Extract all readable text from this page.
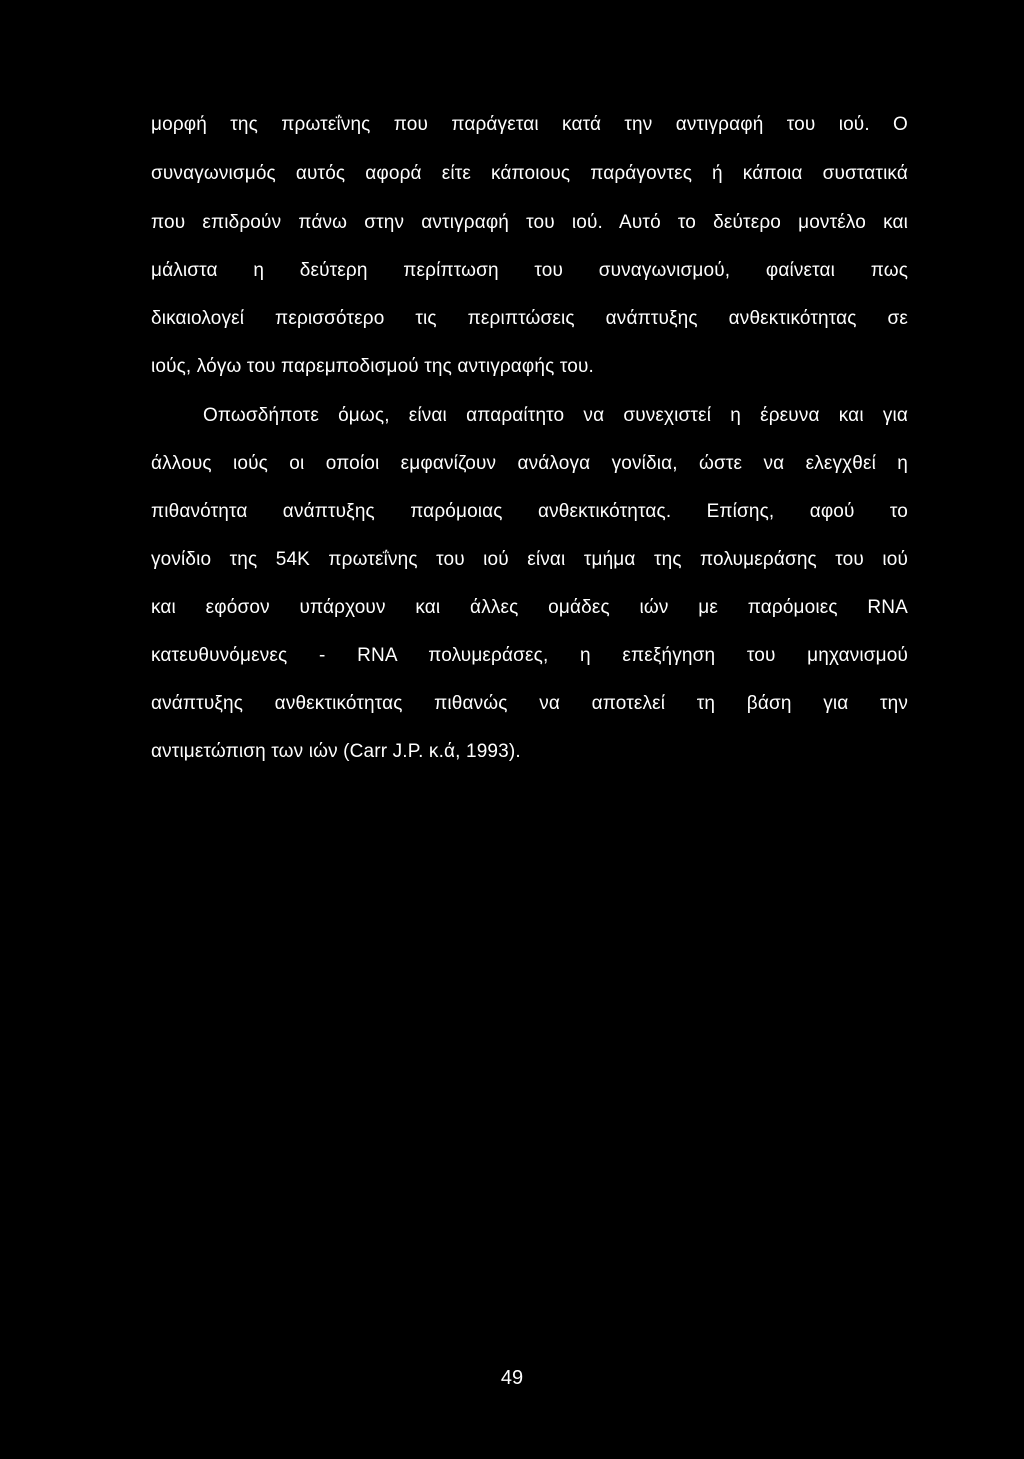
μορφή της πρωτεΐνης που παράγεται κατά την αντιγραφή του ιού. Ο
συναγωνισμός αυτός αφορά είτε κάποιους παράγοντες ή κάποια συστατικά
που επιδρούν πάνω στην αντιγραφή του ιού. Αυτό το δεύτερο μοντέλο και
μάλιστα η δεύτερη περίπτωση του συναγωνισμού, φαίνεται πως
δικαιολογεί περισσότερο τις περιπτώσεις ανάπτυξης ανθεκτικότητας σε
ιούς, λόγω του παρεμποδισμού της αντιγραφής του.
Οπωσδήποτε όμως, είναι απαραίτητο να συνεχιστεί η έρευνα και για
άλλους ιούς οι οποίοι εμφανίζουν ανάλογα γονίδια, ώστε να ελεγχθεί η
πιθανότητα ανάπτυξης παρόμοιας ανθεκτικότητας. Επίσης, αφού το
γονίδιο της 54K πρωτεΐνης του ιού είναι τμήμα της πολυμεράσης του ιού
και εφόσον υπάρχουν και άλλες ομάδες ιών με παρόμοιες RNA
κατευθυνόμενες - RNA πολυμεράσες, η επεξήγηση του μηχανισμού
ανάπτυξης ανθεκτικότητας πιθανώς να αποτελεί τη βάση για την
αντιμετώπιση των ιών (Carr J.P. κ.ά, 1993).
49
